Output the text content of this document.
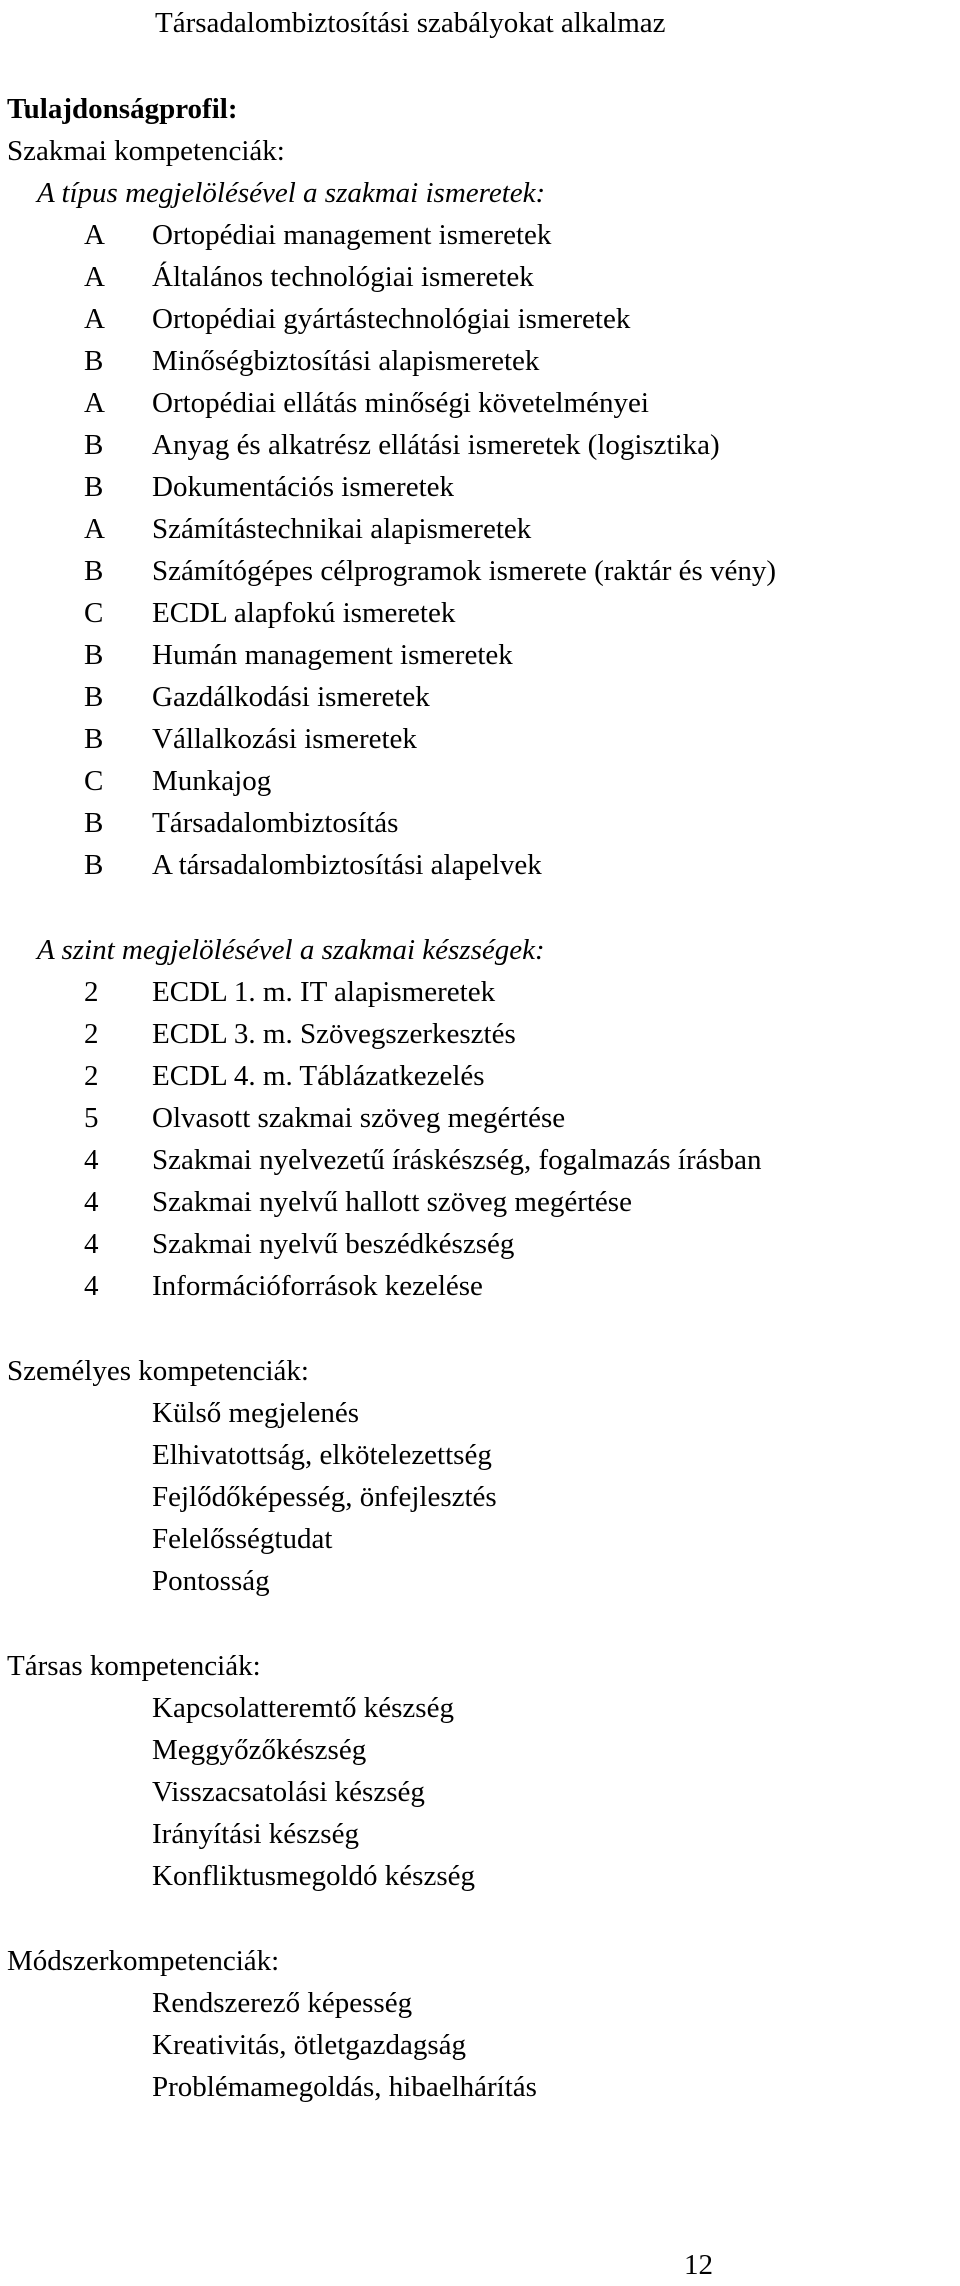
Társadalombiztosítási szabályokat alkalmaz
Tulajdonságprofil:
Szakmai kompetenciák:
A típus megjelölésével a szakmai ismeretek:
A	Ortopédiai management ismeretek
A	Általános technológiai ismeretek
A	Ortopédiai gyártástechnológiai ismeretek
B	Minőségbiztosítási alapismeretek
A	Ortopédiai ellátás minőségi követelményei
B	Anyag és alkatrész ellátási ismeretek (logisztika)
B	Dokumentációs ismeretek
A	Számítástechnikai alapismeretek
B	Számítógépes célprogramok ismerete (raktár és vény)
C	ECDL alapfokú ismeretek
B	Humán management ismeretek
B	Gazdálkodási ismeretek
B	Vállalkozási ismeretek
C	Munkajog
B	Társadalombiztosítás
B	A társadalombiztosítási alapelvek
A szint megjelölésével a szakmai készségek:
2	ECDL 1. m. IT alapismeretek
2	ECDL 3. m. Szövegszerkesztés
2	ECDL 4. m. Táblázatkezelés
5	Olvasott szakmai szöveg megértése
4	Szakmai nyelvezetű íráskészség, fogalmazás írásban
4	Szakmai nyelvű hallott szöveg megértése
4	Szakmai nyelvű beszédkészség
4	Információforrások kezelése
Személyes kompetenciák:
Külső megjelenés
Elhivatottság, elkötelezettség
Fejlődőképesség, önfejlesztés
Felelősségtudat
Pontosság
Társas kompetenciák:
Kapcsolatteremtő készség
Meggyőzőkészség
Visszacsatolási készség
Irányítási készség
Konfliktusmegoldó készség
Módszerkompetenciák:
Rendszerező képesség
Kreativitás, ötletgazdagság
Problémamegoldás, hibaelhárítás
12
